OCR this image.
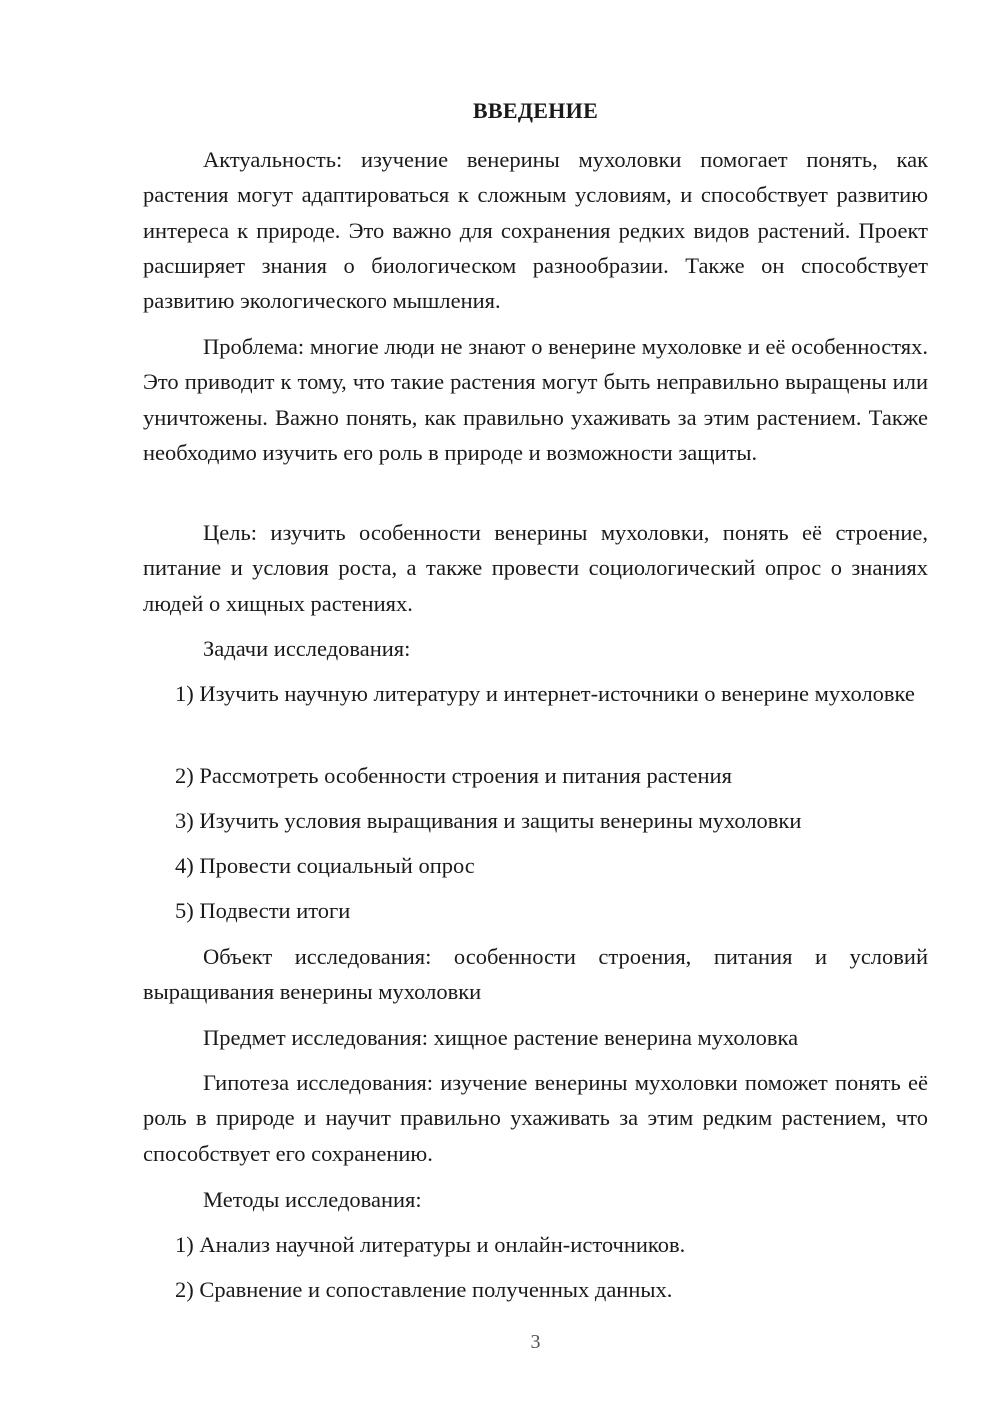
ВВЕДЕНИЕ

Актуальность: изучение венерины мухоловки помогает понять, как растения могут адаптироваться к сложным условиям, и способствует развитию интереса к природе. Это важно для сохранения редких видов растений. Проект расширяет знания о биологическом разнообразии. Также он способствует развитию экологического мышления.

Проблема: многие люди не знают о венерине мухоловке и её особенностях. Это приводит к тому, что такие растения могут быть неправильно выращены или уничтожены. Важно понять, как правильно ухаживать за этим растением. Также необходимо изучить его роль в природе и возможности защиты.

Цель: изучить особенности венерины мухоловки, понять её строение, питание и условия роста, а также провести социологический опрос о знаниях людей о хищных растениях.

Задачи исследования:

1) Изучить научную литературу и интернет-источники о венерине мухоловке

2) Рассмотреть особенности строения и питания растения

3) Изучить условия выращивания и защиты венерины мухоловки

4) Провести социальный опрос

5) Подвести итоги

Объект исследования: особенности строения, питания и условий выращивания венерины мухоловки

Предмет исследования: хищное растение венерина мухоловка

Гипотеза исследования: изучение венерины мухоловки поможет понять её роль в природе и научит правильно ухаживать за этим редким растением, что способствует его сохранению.

Методы исследования:

1) Анализ научной литературы и онлайн-источников.

2) Сравнение и сопоставление полученных данных.

3
